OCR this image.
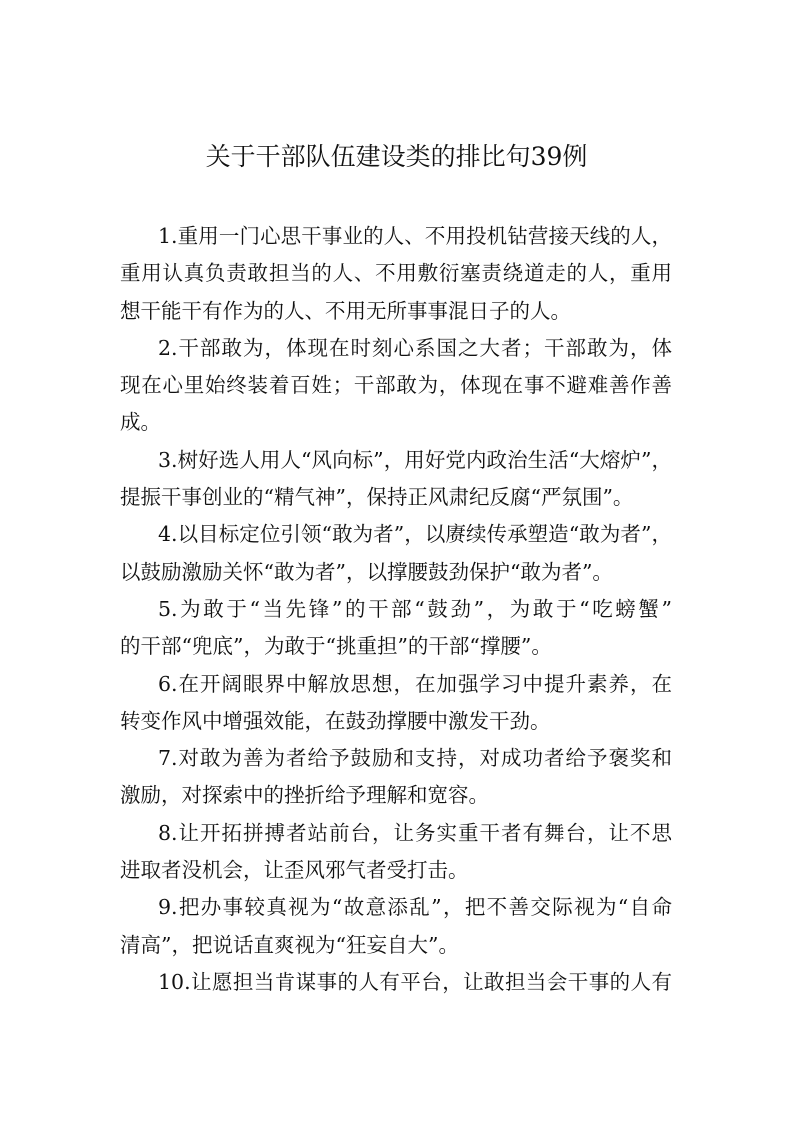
关于干部队伍建设类的排比句39例
1.重用一门心思干事业的人、不用投机钻营接天线的人，
重用认真负责敢担当的人、不用敷衍塞责绕道走的人，重用
想干能干有作为的人、不用无所事事混日子的人。
2.干部敢为，体现在时刻心系国之大者；干部敢为，体
现在心里始终装着百姓；干部敢为，体现在事不避难善作善
成。
3.树好选人用人“风向标”，用好党内政治生活“大熔炉”，
提振干事创业的“精气神”，保持正风肃纪反腐“严氛围”。
4.以目标定位引领“敢为者”，以赓续传承塑造“敢为者”，
以鼓励激励关怀“敢为者”，以撑腰鼓劲保护“敢为者”。
5.为敢于“当先锋”的干部“鼓劲”，为敢于“吃螃蟹”
的干部“兜底”，为敢于“挑重担”的干部“撑腰”。
6.在开阔眼界中解放思想，在加强学习中提升素养，在
转变作风中增强效能，在鼓劲撑腰中激发干劲。
7.对敢为善为者给予鼓励和支持，对成功者给予褒奖和
激励，对探索中的挫折给予理解和宽容。
8.让开拓拼搏者站前台，让务实重干者有舞台，让不思
进取者没机会，让歪风邪气者受打击。
9.把办事较真视为“故意添乱”，把不善交际视为“自命
清高”，把说话直爽视为“狂妄自大”。
10.让愿担当肯谋事的人有平台，让敢担当会干事的人有
